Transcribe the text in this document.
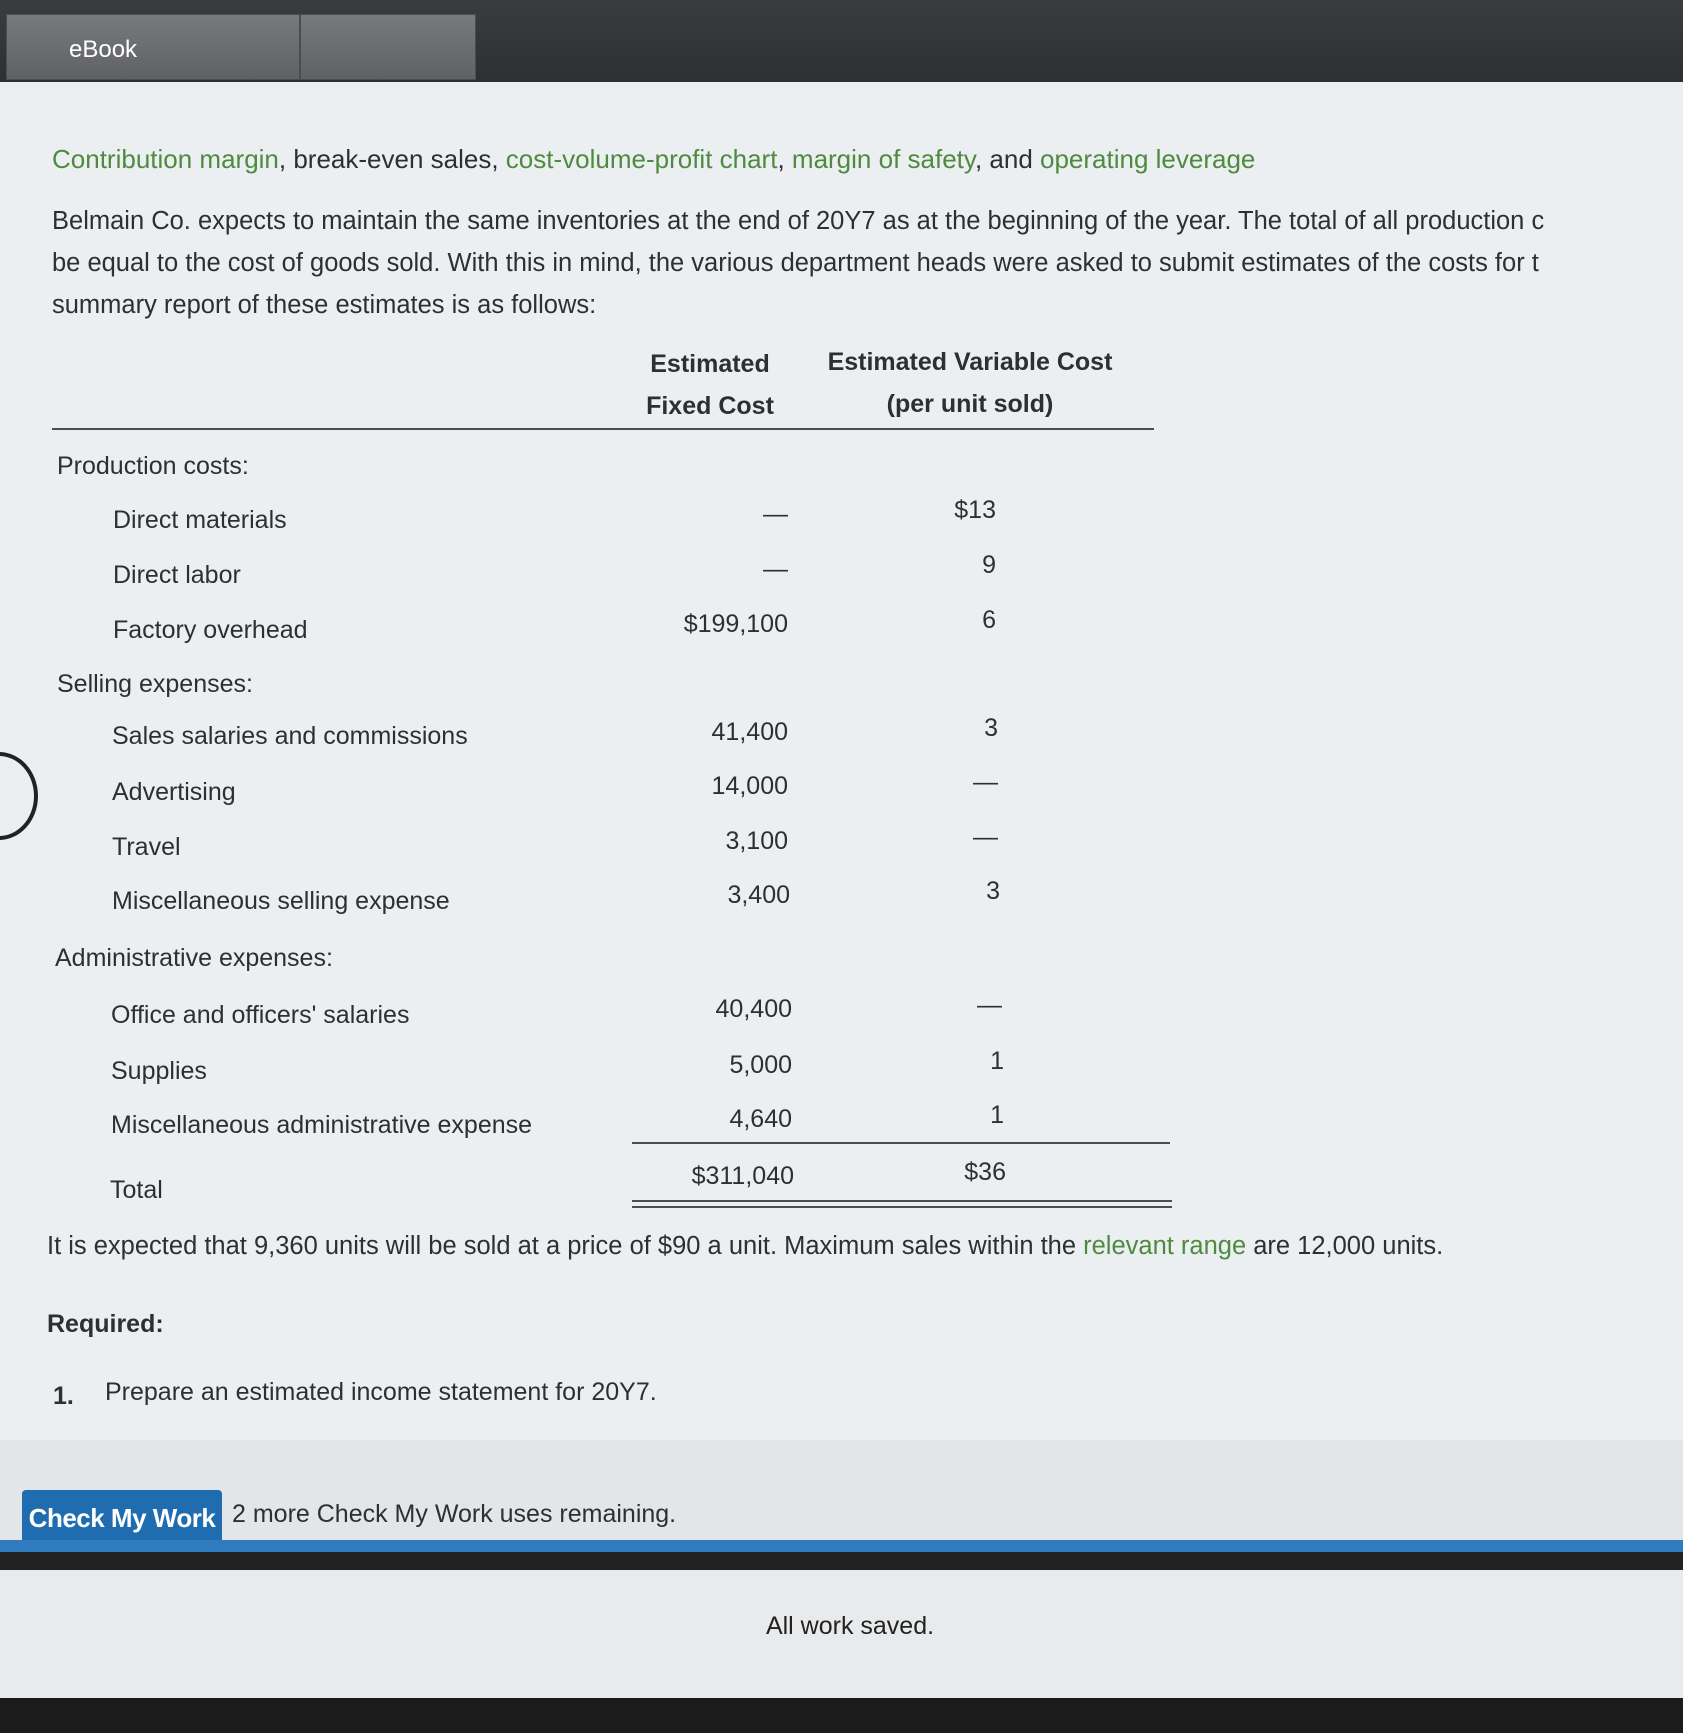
eBook
Contribution margin, break-even sales, cost-volume-profit chart, margin of safety, and operating leverage
Belmain Co. expects to maintain the same inventories at the end of 20Y7 as at the beginning of the year. The total of all production c
be equal to the cost of goods sold. With this in mind, the various department heads were asked to submit estimates of the costs for t
summary report of these estimates is as follows:
Estimated
Fixed Cost
Estimated Variable Cost
(per unit sold)
Production costs:
Selling expenses:
Administrative expenses:
Direct materials	—	$13
Direct labor	—	9
Factory overhead	$199,100	6
Sales salaries and commissions	41,400	3
Advertising	14,000	—
Travel	3,100	—
Miscellaneous selling expense	3,400	3
Office and officers' salaries	40,400	—
Supplies	5,000	1
Miscellaneous administrative expense	4,640	1
Total	$311,040	$36
It is expected that 9,360 units will be sold at a price of $90 a unit. Maximum sales within the relevant range are 12,000 units.
Required:
1. Prepare an estimated income statement for 20Y7.
Check My Work 2 more Check My Work uses remaining.
All work saved.
